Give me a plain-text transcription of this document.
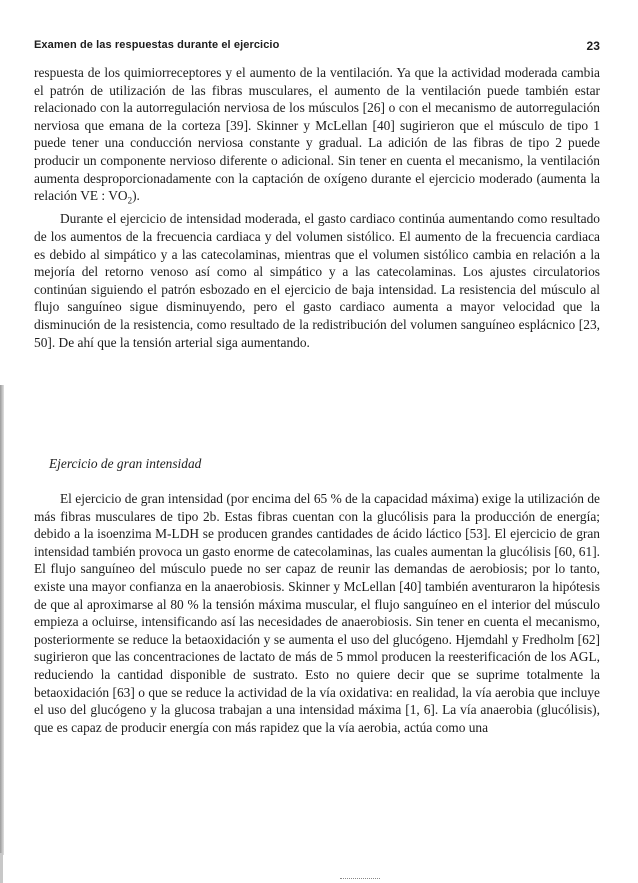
Examen de las respuestas durante el ejercicio	23

respuesta de los quimiorreceptores y el aumento de la ventilación. Ya que la actividad moderada cambia el patrón de utilización de las fibras musculares, el aumento de la ventilación puede también estar relacionado con la autorregulación nerviosa de los músculos [26] o con el mecanismo de autorregulación nerviosa que emana de la corteza [39]. Skinner y McLellan [40] sugirieron que el músculo de tipo 1 puede tener una conducción nerviosa constante y gradual. La adición de las fibras de tipo 2 puede producir un componente nervioso diferente o adicional. Sin tener en cuenta el mecanismo, la ventilación aumenta desproporcionadamente con la captación de oxígeno durante el ejercicio moderado (aumenta la relación VE : $VO_2$).

Durante el ejercicio de intensidad moderada, el gasto cardiaco continúa aumentando como resultado de los aumentos de la frecuencia cardiaca y del volumen sistólico. El aumento de la frecuencia cardiaca es debido al simpático y a las catecolaminas, mientras que el volumen sistólico cambia en relación a la mejoría del retorno venoso así como al simpático y a las catecolaminas. Los ajustes circulatorios continúan siguiendo el patrón esbozado en el ejercicio de baja intensidad. La resistencia del músculo al flujo sanguíneo sigue disminuyendo, pero el gasto cardiaco aumenta a mayor velocidad que la disminución de la resistencia, como resultado de la redistribución del volumen sanguíneo esplácnico [23, 50]. De ahí que la tensión arterial siga aumentando.

Ejercicio de gran intensidad

El ejercicio de gran intensidad (por encima del 65 % de la capacidad máxima) exige la utilización de más fibras musculares de tipo 2b. Estas fibras cuentan con la glucólisis para la producción de energía; debido a la isoenzima M-LDH se producen grandes cantidades de ácido láctico [53]. El ejercicio de gran intensidad también provoca un gasto enorme de catecolaminas, las cuales aumentan la glucólisis [60, 61]. El flujo sanguíneo del músculo puede no ser capaz de reunir las demandas de aerobiosis; por lo tanto, existe una mayor confianza en la anaerobiosis. Skinner y McLellan [40] también aventuraron la hipótesis de que al aproximarse al 80 % la tensión máxima muscular, el flujo sanguíneo en el interior del músculo empieza a ocluirse, intensificando así las necesidades de anaerobiosis. Sin tener en cuenta el mecanismo, posteriormente se reduce la betaoxidación y se aumenta el uso del glucógeno. Hjemdahl y Fredholm [62] sugirieron que las concentraciones de lactato de más de 5 mmol producen la reesterificación de los AGL, reduciendo la cantidad disponible de sustrato. Esto no quiere decir que se suprime totalmente la betaoxidación [63] o que se reduce la actividad de la vía oxidativa: en realidad, la vía aerobia que incluye el uso del glucógeno y la glucosa trabajan a una intensidad máxima [1, 6]. La vía anaerobia (glucólisis), que es capaz de producir energía con más rapidez que la vía aerobia, actúa como una
